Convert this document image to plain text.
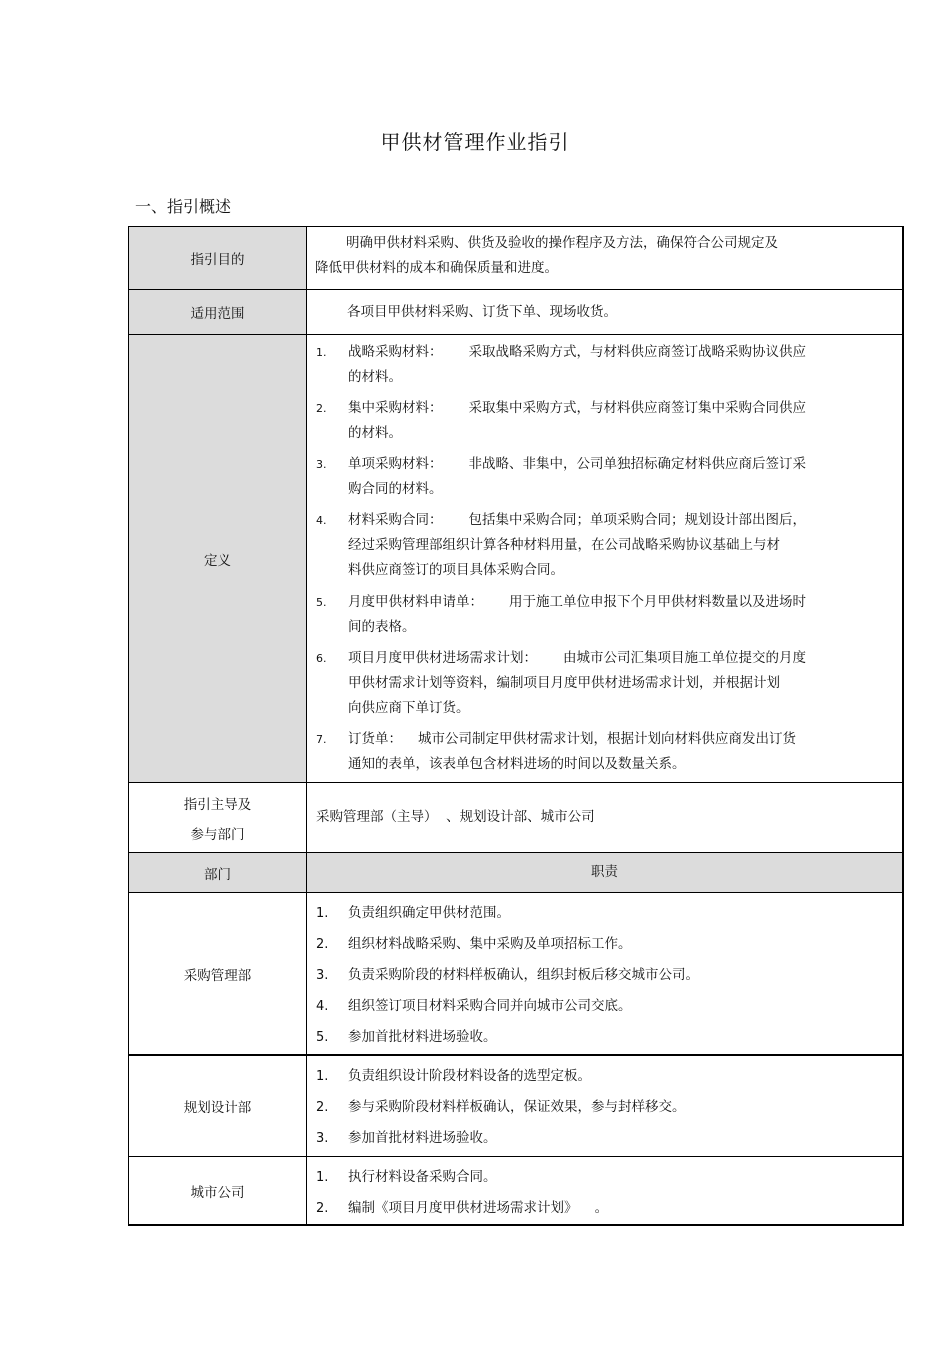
甲供材管理作业指引
一、指引概述
指引目的
明确甲供材料采购、供货及验收的操作程序及方法，确保符合公司规定及
降低甲供材料的成本和确保质量和进度。
适用范围	各项目甲供材料采购、订货下单、现场收货。
定义
1. 战略采购材料： 采取战略采购方式，与材料供应商签订战略采购协议供应
的材料。
2. 集中采购材料： 采取集中采购方式，与材料供应商签订集中采购合同供应
的材料。
3. 单项采购材料： 非战略、非集中，公司单独招标确定材料供应商后签订采
购合同的材料。
4. 材料采购合同： 包括集中采购合同；单项采购合同；规划设计部出图后，
经过采购管理部组织计算各种材料用量，在公司战略采购协议基础上与材
料供应商签订的项目具体采购合同。
5. 月度甲供材料申请单： 用于施工单位申报下个月甲供材料数量以及进场时
间的表格。
6. 项目月度甲供材进场需求计划： 由城市公司汇集项目施工单位提交的月度
甲供材需求计划等资料，编制项目月度甲供材进场需求计划，并根据计划
向供应商下单订货。
7. 订货单： 城市公司制定甲供材需求计划，根据计划向材料供应商发出订货
通知的表单，该表单包含材料进场的时间以及数量关系。
指引主导及
参与部门
采购管理部（主导）  、规划设计部、城市公司
部门	职责
采购管理部
1. 负责组织确定甲供材范围。
2. 组织材料战略采购、集中采购及单项招标工作。
3. 负责采购阶段的材料样板确认，组织封板后移交城市公司。
4. 组织签订项目材料采购合同并向城市公司交底。
5. 参加首批材料进场验收。
规划设计部
1. 负责组织设计阶段材料设备的选型定板。
2. 参与采购阶段材料样板确认，保证效果，参与封样移交。
3. 参加首批材料进场验收。
城市公司
1. 执行材料设备采购合同。
2. 编制《项目月度甲供材进场需求计划》    。
